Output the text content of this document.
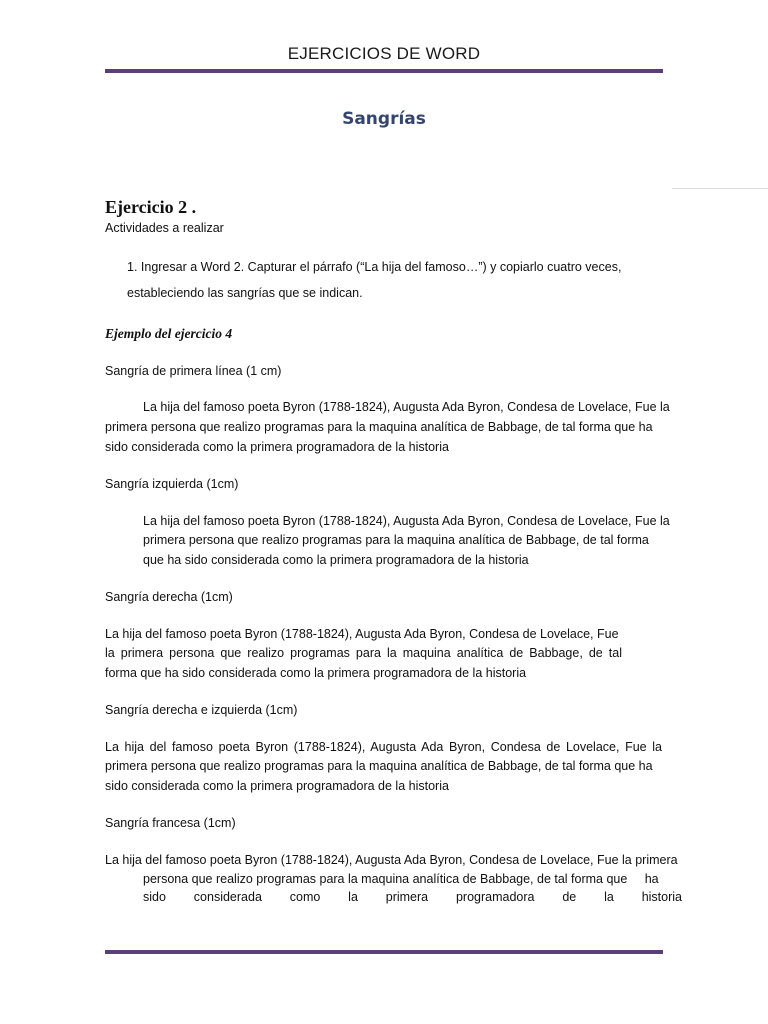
EJERCICIOS DE WORD
Sangrías
Ejercicio 2 .
Actividades a realizar
1. Ingresar a Word 2. Capturar el párrafo (“La hija del famoso…”) y copiarlo cuatro veces,
estableciendo las sangrías que se indican.
Ejemplo del ejercicio 4
Sangría de primera línea (1 cm)
La hija del famoso poeta Byron (1788-1824), Augusta Ada Byron, Condesa de Lovelace, Fue la
primera persona que realizo programas para la maquina analítica de Babbage, de tal forma que ha
sido considerada como la primera programadora de la historia
Sangría izquierda (1cm)
La hija del famoso poeta Byron (1788-1824), Augusta Ada Byron, Condesa de Lovelace, Fue la
primera persona que realizo programas para la maquina analítica de Babbage, de tal forma
que ha sido considerada como la primera programadora de la historia
Sangría derecha (1cm)
La hija del famoso poeta Byron (1788-1824), Augusta Ada Byron, Condesa de Lovelace, Fue
la primera persona que realizo programas para la maquina analítica de Babbage, de tal
forma que ha sido considerada como la primera programadora de la historia
Sangría derecha e izquierda (1cm)
La hija del famoso poeta Byron (1788-1824), Augusta Ada Byron, Condesa de Lovelace, Fue la
primera persona que realizo programas para la maquina analítica de Babbage, de tal forma que ha
sido considerada como la primera programadora de la historia
Sangría francesa (1cm)
La hija del famoso poeta Byron (1788-1824), Augusta Ada Byron, Condesa de Lovelace, Fue la primera
persona que realizo programas para la maquina analítica de Babbage, de tal forma que     ha
sido considerada como la primera programadora de la historia
